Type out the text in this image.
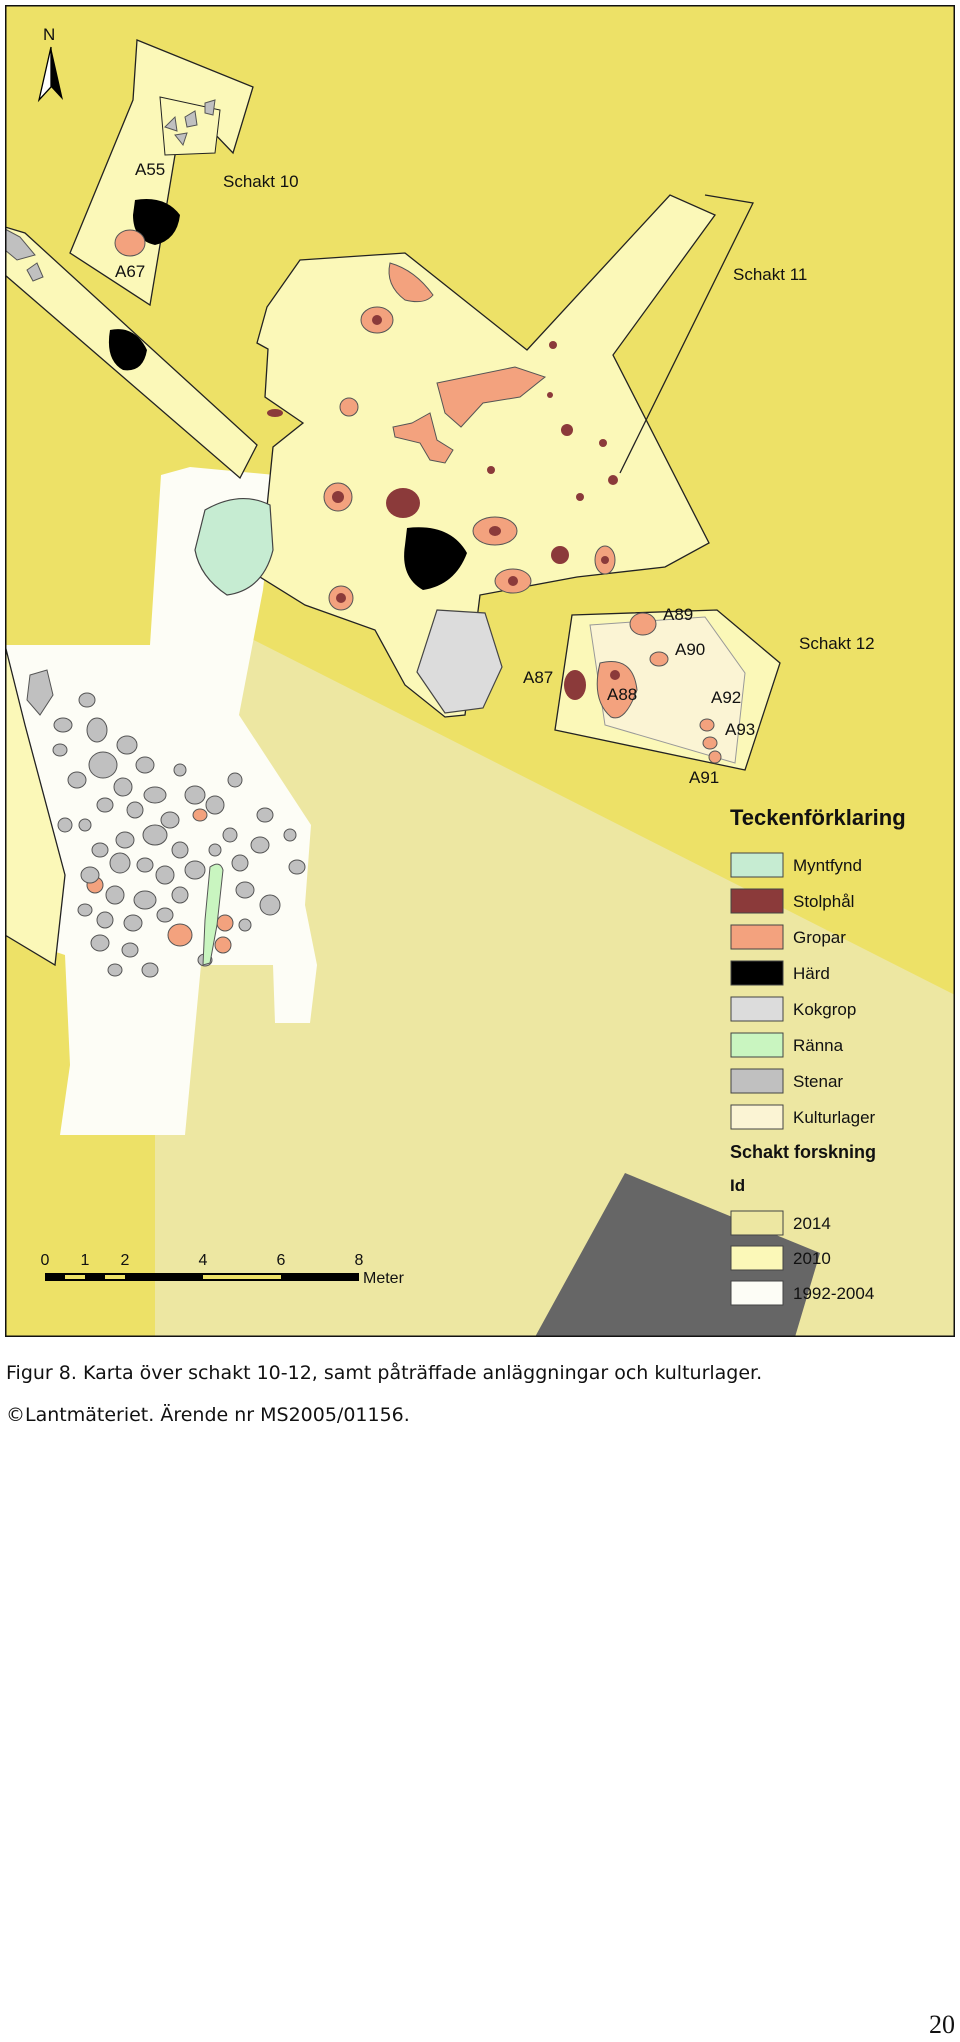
N
Schakt 10
Schakt 11
Schakt 12
A55
A67
A87
A88
A89
A90
A92
A93
A91
Teckenförklaring
Myntfynd
Stolphål
Gropar
Härd
Kokgrop
Ränna
Stenar
Kulturlager
Schakt forskning
Id
2014
2010
1992-2004
0 1 2	4	6	8
Meter
Figur 8. Karta över schakt 10-12, samt påträffade anläggningar och kulturlager.
©Lantmäteriet. Ärende nr MS2005/01156.
20
